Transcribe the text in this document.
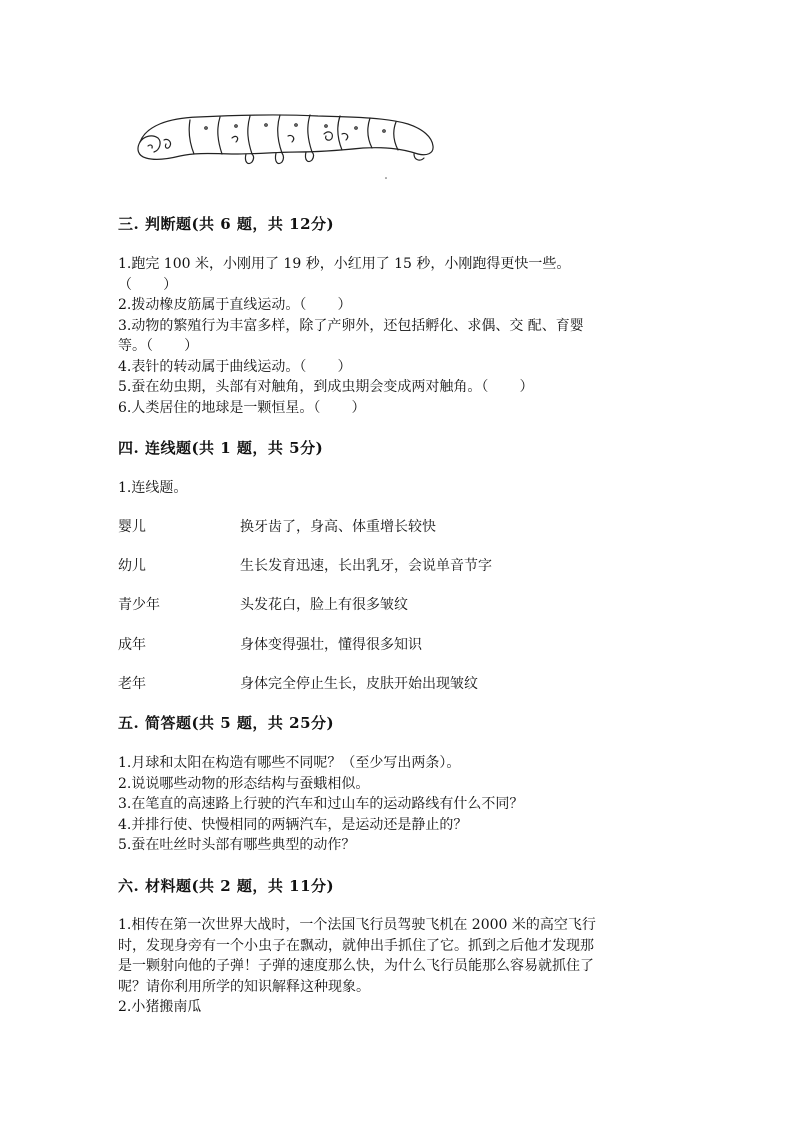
三. 判断题(共 6 题，共 12分)

1.跑完 100 米，小刚用了 19 秒，小红用了 15 秒，小刚跑得更快一些。

（       ）

2.拨动橡皮筋属于直线运动。（       ）

3.动物的繁殖行为丰富多样，除了产卵外，还包括孵化、求偶、交 配、育婴

等。（       ）

4.表针的转动属于曲线运动。（       ）

5.蚕在幼虫期，头部有对触角，到成虫期会变成两对触角。（       ）

6.人类居住的地球是一颗恒星。（       ）

四. 连线题(共 1 题，共 5分)

1.连线题。

婴儿	换牙齿了，身高、体重增长较快
幼儿	生长发育迅速，长出乳牙，会说单音节字
青少年	头发花白，脸上有很多皱纹
成年	身体变得强壮，懂得很多知识
老年	身体完全停止生长，皮肤开始出现皱纹

五. 简答题(共 5 题，共 25分)

1.月球和太阳在构造有哪些不同呢？（至少写出两条）。

2.说说哪些动物的形态结构与蚕蛾相似。

3.在笔直的高速路上行驶的汽车和过山车的运动路线有什么不同？

4.并排行使、快慢相同的两辆汽车，是运动还是静止的？

5.蚕在吐丝时头部有哪些典型的动作？

六. 材料题(共 2 题，共 11分)

1.相传在第一次世界大战时，一个法国飞行员驾驶飞机在 2000 米的高空飞行

时，发现身旁有一个小虫子在飘动，就伸出手抓住了它。抓到之后他才发现那

是一颗射向他的子弹！子弹的速度那么快，为什么飞行员能那么容易就抓住了

呢？请你利用所学的知识解释这种现象。

2.小猪搬南瓜
